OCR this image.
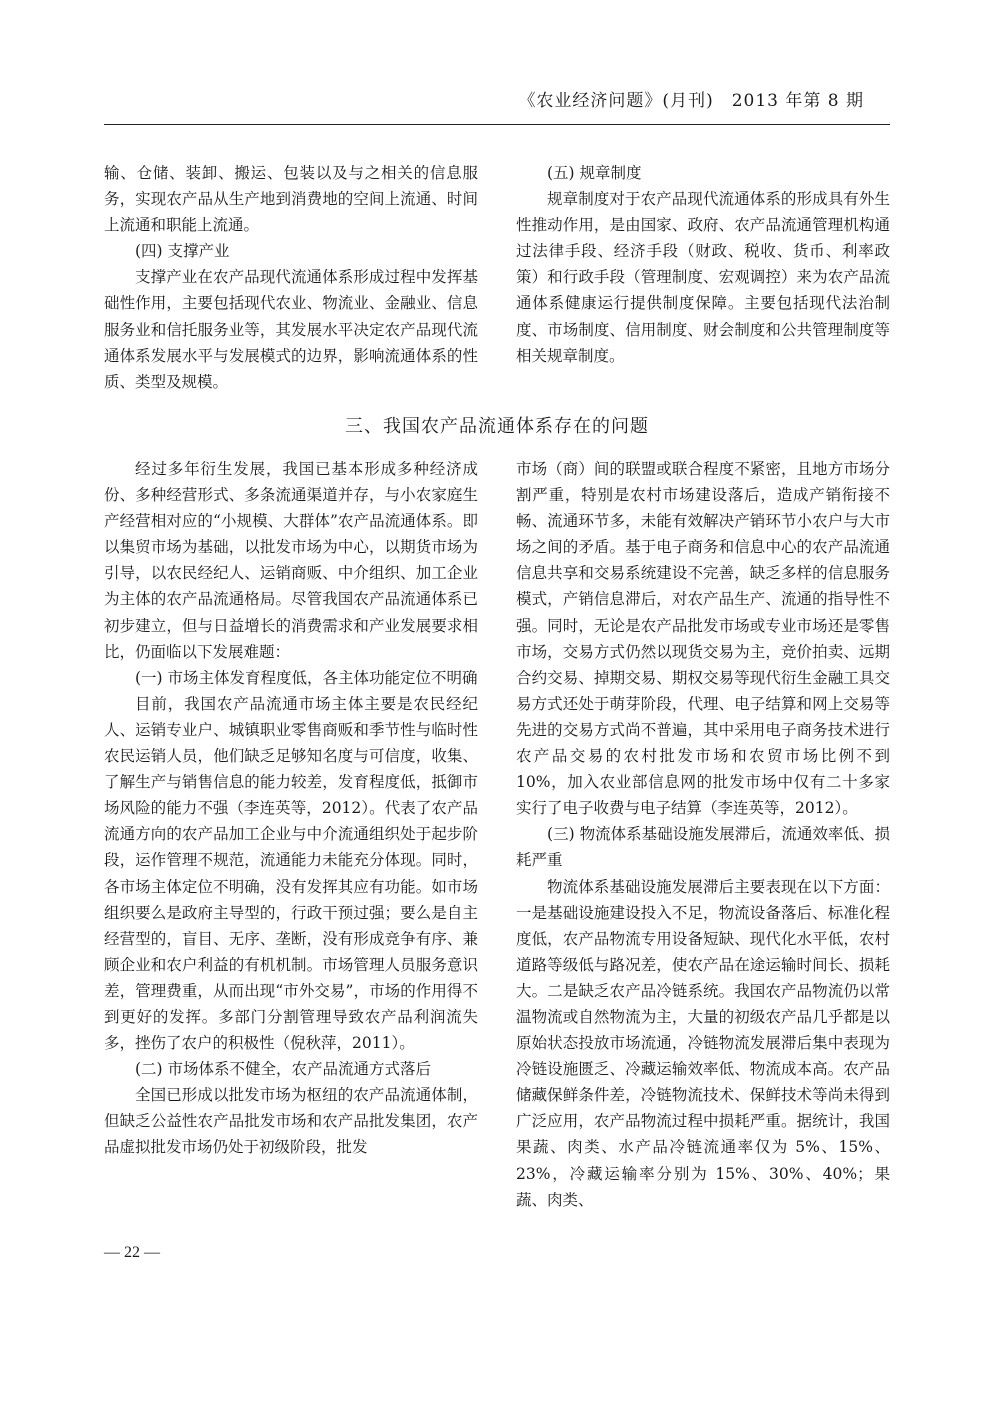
《农业经济问题》(月刊)　2013 年第 8 期

输、仓储、装卸、搬运、包装以及与之相关的信息服务，实现农产品从生产地到消费地的空间上流通、时间上流通和职能上流通。

(四) 支撑产业

支撑产业在农产品现代流通体系形成过程中发挥基础性作用，主要包括现代农业、物流业、金融业、信息服务业和信托服务业等，其发展水平决定农产品现代流通体系发展水平与发展模式的边界，影响流通体系的性质、类型及规模。

(五) 规章制度

规章制度对于农产品现代流通体系的形成具有外生性推动作用，是由国家、政府、农产品流通管理机构通过法律手段、经济手段（财政、税收、货币、利率政策）和行政手段（管理制度、宏观调控）来为农产品流通体系健康运行提供制度保障。主要包括现代法治制度、市场制度、信用制度、财会制度和公共管理制度等相关规章制度。

三、我国农产品流通体系存在的问题

经过多年衍生发展，我国已基本形成多种经济成份、多种经营形式、多条流通渠道并存，与小农家庭生产经营相对应的“小规模、大群体”农产品流通体系。即以集贸市场为基础，以批发市场为中心，以期货市场为引导，以农民经纪人、运销商贩、中介组织、加工企业为主体的农产品流通格局。尽管我国农产品流通体系已初步建立，但与日益增长的消费需求和产业发展要求相比，仍面临以下发展难题：

(一) 市场主体发育程度低，各主体功能定位不明确

目前，我国农产品流通市场主体主要是农民经纪人、运销专业户、城镇职业零售商贩和季节性与临时性农民运销人员，他们缺乏足够知名度与可信度，收集、了解生产与销售信息的能力较差，发育程度低，抵御市场风险的能力不强（李连英等，2012）。代表了农产品流通方向的农产品加工企业与中介流通组织处于起步阶段，运作管理不规范，流通能力未能充分体现。同时，各市场主体定位不明确，没有发挥其应有功能。如市场组织要么是政府主导型的，行政干预过强；要么是自主经营型的，盲目、无序、垄断，没有形成竞争有序、兼顾企业和农户利益的有机机制。市场管理人员服务意识差，管理费重，从而出现“市外交易”，市场的作用得不到更好的发挥。多部门分割管理导致农产品利润流失多，挫伤了农户的积极性（倪秋萍，2011）。

(二) 市场体系不健全，农产品流通方式落后

全国已形成以批发市场为枢纽的农产品流通体制，但缺乏公益性农产品批发市场和农产品批发集团，农产品虚拟批发市场仍处于初级阶段，批发

市场（商）间的联盟或联合程度不紧密，且地方市场分割严重，特别是农村市场建设落后，造成产销衔接不畅、流通环节多，未能有效解决产销环节小农户与大市场之间的矛盾。基于电子商务和信息中心的农产品流通信息共享和交易系统建设不完善，缺乏多样的信息服务模式，产销信息滞后，对农产品生产、流通的指导性不强。同时，无论是农产品批发市场或专业市场还是零售市场，交易方式仍然以现货交易为主，竞价拍卖、远期合约交易、掉期交易、期权交易等现代衍生金融工具交易方式还处于萌芽阶段，代理、电子结算和网上交易等先进的交易方式尚不普遍，其中采用电子商务技术进行农产品交易的农村批发市场和农贸市场比例不到10%，加入农业部信息网的批发市场中仅有二十多家实行了电子收费与电子结算（李连英等，2012）。

(三) 物流体系基础设施发展滞后，流通效率低、损耗严重

物流体系基础设施发展滞后主要表现在以下方面：一是基础设施建设投入不足，物流设备落后、标准化程度低，农产品物流专用设备短缺、现代化水平低，农村道路等级低与路况差，使农产品在途运输时间长、损耗大。二是缺乏农产品冷链系统。我国农产品物流仍以常温物流或自然物流为主，大量的初级农产品几乎都是以原始状态投放市场流通，冷链物流发展滞后集中表现为冷链设施匮乏、冷藏运输效率低、物流成本高。农产品储藏保鲜条件差，冷链物流技术、保鲜技术等尚未得到广泛应用，农产品物流过程中损耗严重。据统计，我国果蔬、肉类、水产品冷链流通率仅为 5%、15%、23%，冷藏运输率分别为 15%、30%、40%；果蔬、肉类、

— 22 —
